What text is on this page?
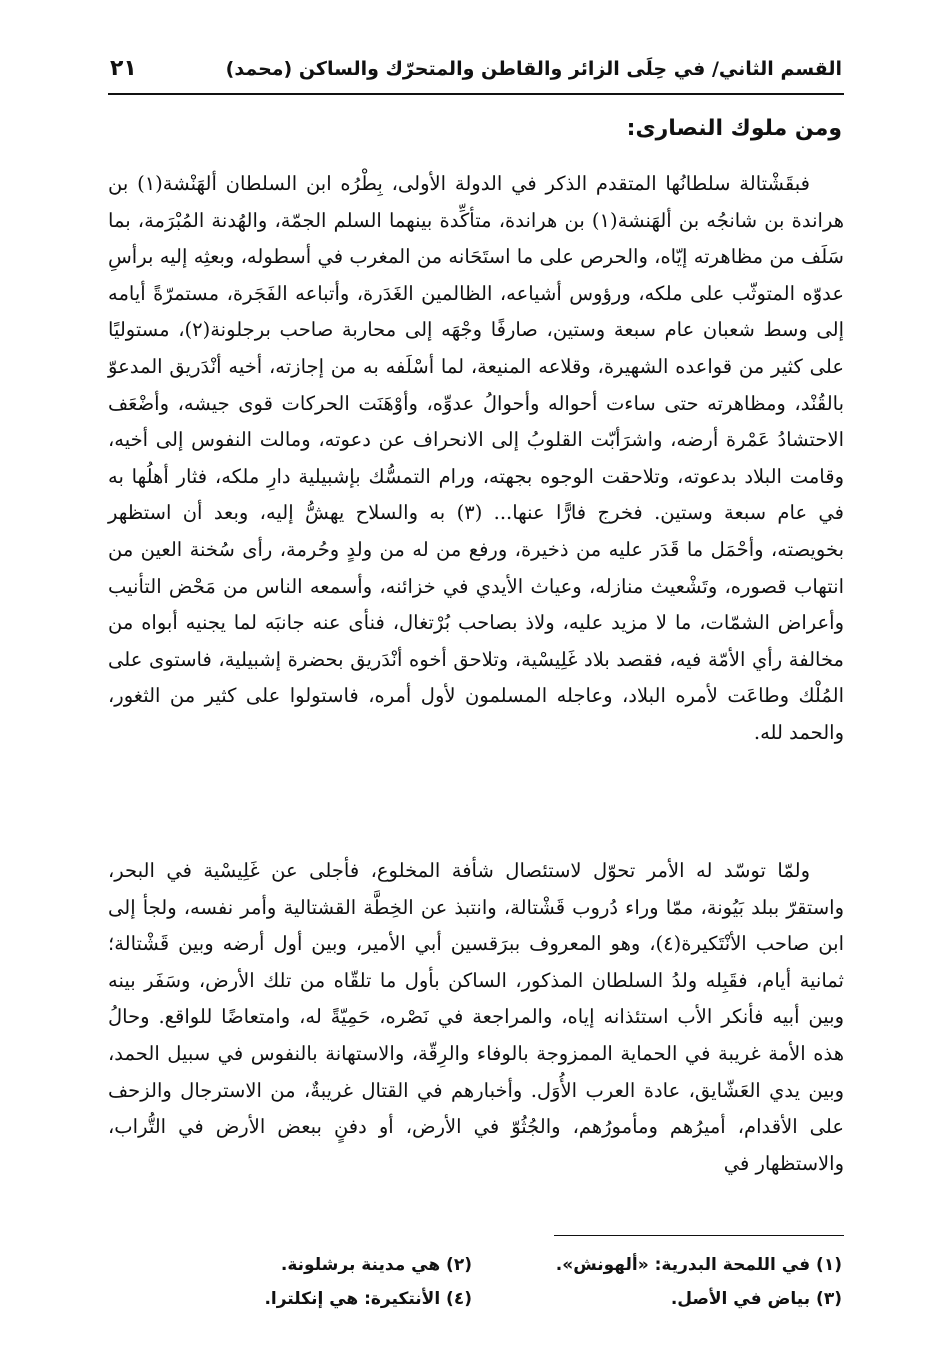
القسم الثاني/ في حِلَى الزائر والقاطن والمتحرّك والساكن (محمد)
٢١
ومن ملوك النصارى:

فبقَشْتالة سلطانُها المتقدم الذكر في الدولة الأولى، بِطْرُه ابن السلطان ألهَنْشة(١) بن هراندة بن شانجُه بن ألهَنشة(١) بن هراندة، متأكِّدة بينهما السلم الجمّة، والهُدنة المُبْرَمة، بما سَلَف من مظاهرته إيّاه، والحرص على ما استَحَانه من المغرب في أسطوله، وبعثِه إليه برأسِ عدوّه المتوثّب على ملكه، ورؤوس أشياعه، الظالمين الغَدَرة، وأتباعه الفَجَرة، مستمرّةً أيامه إلى وسط شعبان عام سبعة وستين، صارفًا وجْهَه إلى محاربة صاحب برجلونة(٢)، مستوليًا على كثير من قواعده الشهيرة، وقلاعه المنيعة، لما أسْلَفه به من إجازته، أخيه أنْدَريق المدعوّ بالقُنْد، ومظاهرته حتى ساءت أحواله وأحوالُ عدوِّه، وأوْهَنَت الحركات قوى جيشه، وأضْعَف الاحتشادُ عَمْرة أرضه، واشرَأبّت القلوبُ إلى الانحراف عن دعوته، ومالت النفوس إلى أخيه، وقامت البلاد بدعوته، وتلاحقت الوجوه بجهته، ورام التمسُّك بإشبيلية دارِ ملكه، فثار أهلُها به في عام سبعة وستين. فخرج فارًّا عنها... (٣) به والسلاح يهشُّ إليه، وبعد أن استظهر بخويصته، وأحْمَل ما قَدَر عليه من ذخيرة، ورفع من له من ولدٍ وحُرمة، رأى سُخنة العين من انتهاب قصوره، وتَشْعيث منازله، وعياث الأيدي في خزائنه، وأسمعه الناس من مَحْض التأنيب وأعراض الشمّات، ما لا مزيد عليه، ولاذ بصاحب بُرْتغال، فنأى عنه جانبَه لما يجنيه أبواه من مخالفة رأي الأمّة فيه، فقصد بلاد غَلِيسْية، وتلاحق أخوه أنْدَريق بحضرة إشبيلية، فاستوى على المُلْك وطاعَت لأمره البلاد، وعاجله المسلمون لأول أمره، فاستولوا على كثير من الثغور، والحمد لله.

ولمّا توسّد له الأمر تحوّل لاستئصال شأفة المخلوع، فأجلى عن غَلِيسْية في البحر، واستقرّ ببلد بَيُونة، ممّا وراء دُروب قَشْتالة، وانتبذ عن الخِطَّة القشتالية وأمر نفسه، ولجأ إلى ابن صاحب الأنْتَكيرة(٤)، وهو المعروف ببرَقسين أبي الأمير، وبين أول أرضه وبين قَشْتالة؛ ثمانية أيام، فقَبِله ولدُ السلطان المذكور، الساكن بأول ما تلقّاه من تلك الأرض، وسَفَر بينه وبين أبيه فأنكر الأب استئذانه إياه، والمراجعة في نَصْره، حَمِيّةً له، وامتعاضًا للواقع. وحالُ هذه الأمة غريبة في الحماية الممزوجة بالوفاء والرِقّة، والاستهانة بالنفوس في سبيل الحمد، وبين يدي العَشّايق، عادة العرب الأُوَل. وأخبارهم في القتال غريبةٌ، من الاسترجال والزحف على الأقدام، أميرُهم ومأمورُهم، والجُثُوّ في الأرض، أو دفنٍ ببعض الأرض في التُّراب، والاستظهار في

(١) في اللمحة البدرية: «ألهونش».
(٣) بياض في الأصل.
(٢) هي مدينة برشلونة.
(٤) الأنتكيرة: هي إنكلترا.
